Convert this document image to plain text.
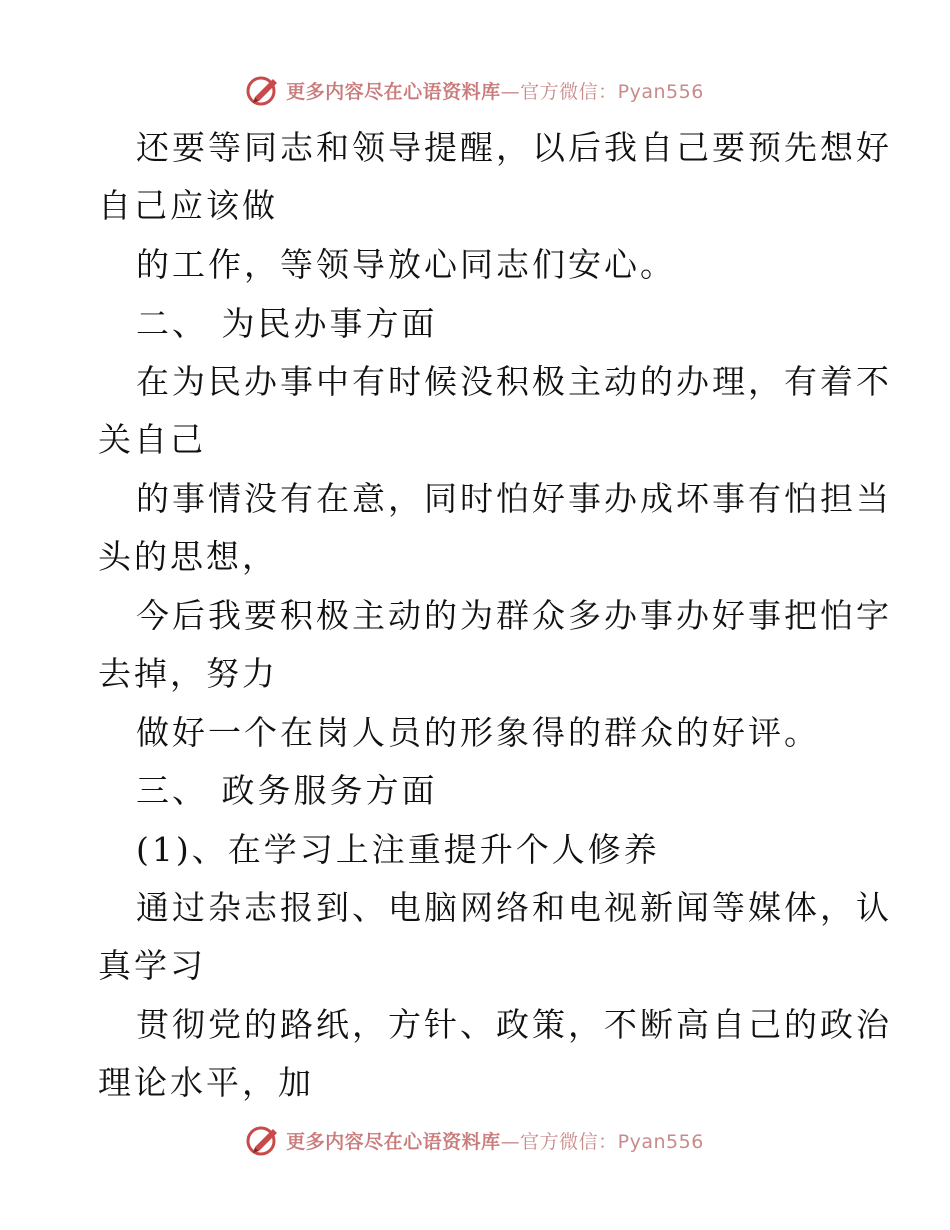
更多内容尽在心语资料库—官方微信：Pyan556
还要等同志和领导提醒，以后我自己要预先想好
自己应该做
的工作，等领导放心同志们安心。
二、 为民办事方面
在为民办事中有时候没积极主动的办理，有着不
关自己
的事情没有在意，同时怕好事办成坏事有怕担当
头的思想，
今后我要积极主动的为群众多办事办好事把怕字
去掉，努力
做好一个在岗人员的形象得的群众的好评。
三、 政务服务方面
(1)、在学习上注重提升个人修养
通过杂志报到、电脑网络和电视新闻等媒体，认
真学习
贯彻党的路纸，方针、政策，不断高自己的政治
理论水平，加
更多内容尽在心语资料库—官方微信：Pyan556
